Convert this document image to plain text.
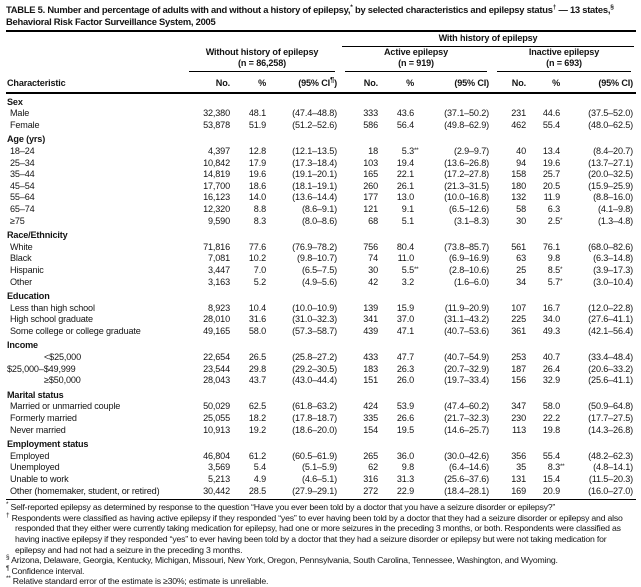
TABLE 5. Number and percentage of adults with and without a history of epilepsy,* by selected characteristics and epilepsy status† — 13 states,§ Behavioral Risk Factor Surveillance System, 2005

				With history of epilepsy					

Without history of epilepsy
(n = 86,258)

Active epilepsy
(n = 919)

Inactive epilepsy
(n = 693)

Characteristic	No.	%	(95% CI¶)	No.	%	(95% CI)	No.	%	(95% CI)
Sex									
Male	32,380	48.1	(47.4–48.8)	333	43.6	(37.1–50.2)	231	44.6	(37.5–52.0)
Female	53,878	51.9	(51.2–52.6)	586	56.4	(49.8–62.9)	462	55.4	(48.0–62.5)
Age (yrs)									
18–24	4,397	12.8	(12.1–13.5)	18	5.3**	(2.9–9.7)	40	13.4	(8.4–20.7)
25–34	10,842	17.9	(17.3–18.4)	103	19.4	(13.6–26.8)	94	19.6	(13.7–27.1)
35–44	14,819	19.6	(19.1–20.1)	165	22.1	(17.2–27.8)	158	25.7	(20.0–32.5)
45–54	17,700	18.6	(18.1–19.1)	260	26.1	(21.3–31.5)	180	20.5	(15.9–25.9)
55–64	16,123	14.0	(13.6–14.4)	177	13.0	(10.0–16.8)	132	11.9	(8.8–16.0)
65–74	12,320	8.8	(8.6–9.1)	121	9.1	(6.5–12.6)	58	6.3	(4.1–9.8)
≥75	9,590	8.3	(8.0–8.6)	68	5.1	(3.1–8.3)	30	2.5*	(1.3–4.8)
Race/Ethnicity									
White	71,816	77.6	(76.9–78.2)	756	80.4	(73.8–85.7)	561	76.1	(68.0–82.6)
Black	7,081	10.2	(9.8–10.7)	74	11.0	(6.9–16.9)	63	9.8	(6.3–14.8)
Hispanic	3,447	7.0	(6.5–7.5)	30	5.5**	(2.8–10.6)	25	8.5*	(3.9–17.3)
Other	3,163	5.2	(4.9–5.6)	42	3.2	(1.6–6.0)	34	5.7*	(3.0–10.4)
Education									
Less than high school	8,923	10.4	(10.0–10.9)	139	15.9	(11.9–20.9)	107	16.7	(12.0–22.8)
High school graduate	28,010	31.6	(31.0–32.3)	341	37.0	(31.1–43.2)	225	34.0	(27.6–41.1)
Some college or college graduate	49,165	58.0	(57.3–58.7)	439	47.1	(40.7–53.6)	361	49.3	(42.1–56.4)
Income									
<$25,000	22,654	26.5	(25.8–27.2)	433	47.7	(40.7–54.9)	253	40.7	(33.4–48.4)
$25,000–$49,999	23,544	29.8	(29.2–30.5)	183	26.3	(20.7–32.9)	187	26.4	(20.6–33.2)
≥$50,000	28,043	43.7	(43.0–44.4)	151	26.0	(19.7–33.4)	156	32.9	(25.6–41.1)
Marital status									
Married or unmarried couple	50,029	62.5	(61.8–63.2)	424	53.9	(47.4–60.2)	347	58.0	(50.9–64.8)
Formerly married	25,055	18.2	(17.8–18.7)	335	26.6	(21.7–32.3)	230	22.2	(17.7–27.5)
Never married	10,913	19.2	(18.6–20.0)	154	19.5	(14.6–25.7)	113	19.8	(14.3–26.8)
Employment status									
Employed	46,804	61.2	(60.5–61.9)	265	36.0	(30.0–42.6)	356	55.4	(48.2–62.3)
Unemployed	3,569	5.4	(5.1–5.9)	62	9.8	(6.4–14.6)	35	8.3**	(4.8–14.1)
Unable to work	5,213	4.9	(4.6–5.1)	316	31.3	(25.6–37.6)	131	15.4	(11.5–20.3)
Other (homemaker, student, or retired)	30,442	28.5	(27.9–29.1)	272	22.9	(18.4–28.1)	169	20.9	(16.0–27.0)
* Self-reported epilepsy as determined by response to the question “Have you ever been told by a doctor that you have a seizure disorder or epilepsy?”
† Respondents were classified as having active epilepsy if they responded “yes” to ever having been told by a doctor that they had a seizure disorder or epilepsy and also responded that they either were currently taking medication for epilepsy, had one or more seizures in the preceding 3 months, or both. Respondents were classified as having inactive epilepsy if they responded “yes” to ever having been told by a doctor that they had a seizure disorder or epilepsy but were not taking medication for epilepsy and had not had a seizure in the preceding 3 months.
§ Arizona, Delaware, Georgia, Kentucky, Michigan, Missouri, New York, Oregon, Pennsylvania, South Carolina, Tennessee, Washington, and Wyoming.
¶ Confidence interval.
** Relative standard error of the estimate is ≥30%; estimate is unreliable.
